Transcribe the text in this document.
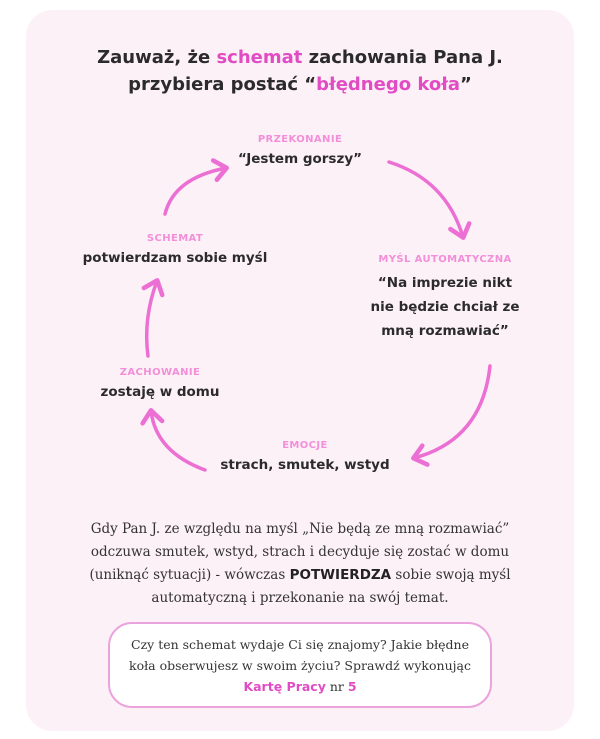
Zauważ, że schemat zachowania Pana J.
przybiera postać “błędnego koła”
PRZEKONANIE
“Jestem gorszy”
MYŚL AUTOMATYCZNA
“Na imprezie nikt
nie będzie chciał ze
mną rozmawiać”
EMOCJE
strach, smutek, wstyd
ZACHOWANIE
zostaję w domu
SCHEMAT
potwierdzam sobie myśl
Gdy Pan J. ze względu na myśl „Nie będą ze mną rozmawiać”
odczuwa smutek, wstyd, strach i decyduje się zostać w domu
(uniknąć sytuacji) - wówczas POTWIERDZA sobie swoją myśl
automatyczną i przekonanie na swój temat.
Czy ten schemat wydaje Ci się znajomy? Jakie błędne
koła obserwujesz w swoim życiu? Sprawdź wykonując
Kartę Pracy nr 5
